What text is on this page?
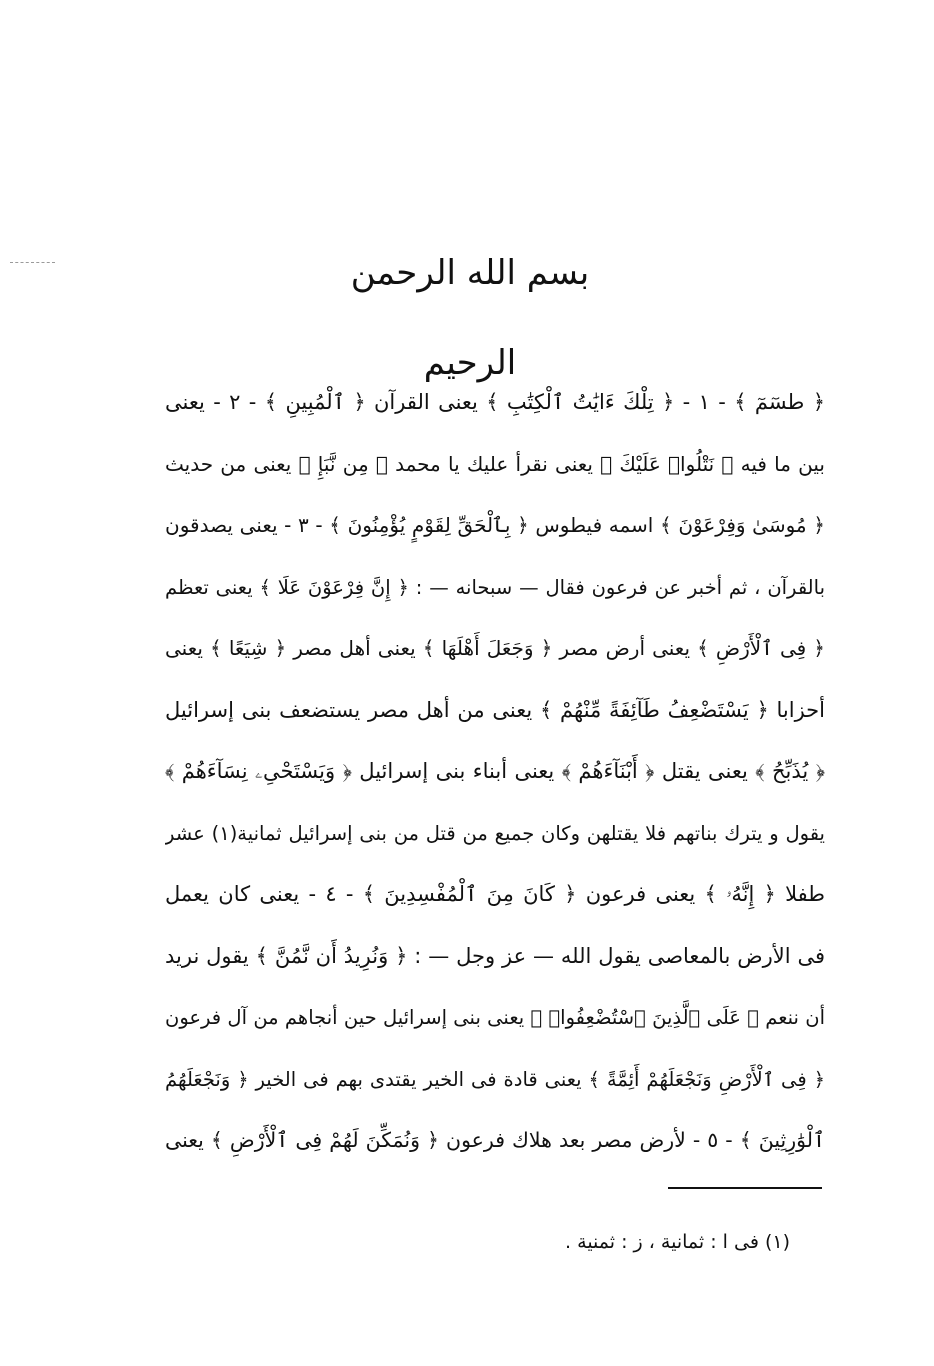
بسم الله الرحمن الرحيم
﴿ طسٓمٓ ﴾ - ١ - ﴿ تِلْكَ ءَايَٰتُ ٱلْكِتَٰبِ ﴾ يعنى القرآن ﴿ ٱلْمُبِينِ ﴾ - ٢ - يعنى
بين ما فيه ﴿ نَتْلُوا۟ عَلَيْكَ ﴾ يعنى نقرأ عليك يا محمد ﴿ مِن نَّبَإِ ﴾ يعنى من حديث
﴿ مُوسَىٰ وَفِرْعَوْنَ ﴾ اسمه فيطوس ﴿ بِٱلْحَقِّ لِقَوْمٍ يُؤْمِنُونَ ﴾ - ٣ - يعنى يصدقون
بالقرآن ، ثم أخبر عن فرعون فقال — سبحانه — : ﴿ إِنَّ فِرْعَوْنَ عَلَا ﴾ يعنى تعظم
﴿ فِى ٱلْأَرْضِ ﴾ يعنى أرض مصر ﴿ وَجَعَلَ أَهْلَهَا ﴾ يعنى أهل مصر ﴿ شِيَعًا ﴾ يعنى
أحزابا ﴿ يَسْتَضْعِفُ طَآئِفَةً مِّنْهُمْ ﴾ يعنى من أهل مصر يستضعف بنى إسرائيل
﴿ يُذَبِّحُ ﴾ يعنى يقتل ﴿ أَبْنَآءَهُمْ ﴾ يعنى أبناء بنى إسرائيل ﴿ وَيَسْتَحْىِۦ نِسَآءَهُمْ ﴾
يقول و يترك بناتهم فلا يقتلهن وكان جميع من قتل من بنى إسرائيل ثمانية(١) عشر
طفلا ﴿ إِنَّهُۥ ﴾ يعنى فرعون ﴿ كَانَ مِنَ ٱلْمُفْسِدِينَ ﴾ - ٤ - يعنى كان يعمل
فى الأرض بالمعاصى يقول الله — عز وجل — : ﴿ وَنُرِيدُ أَن نَّمُنَّ ﴾ يقول نريد
أن ننعم ﴿ عَلَى ٱلَّذِينَ ٱسْتُضْعِفُوا۟ ﴾ يعنى بنى إسرائيل حين أنجاهم من آل فرعون
﴿ فِى ٱلْأَرْضِ وَنَجْعَلَهُمْ أَئِمَّةً ﴾ يعنى قادة فى الخير يقتدى بهم فى الخير ﴿ وَنَجْعَلَهُمُ
ٱلْوَٰرِثِينَ ﴾ - ٥ - لأرض مصر بعد هلاك فرعون ﴿ وَنُمَكِّنَ لَهُمْ فِى ٱلْأَرْضِ ﴾ يعنى
(١) فى ا : ثمانية ، ز : ثمنية .
